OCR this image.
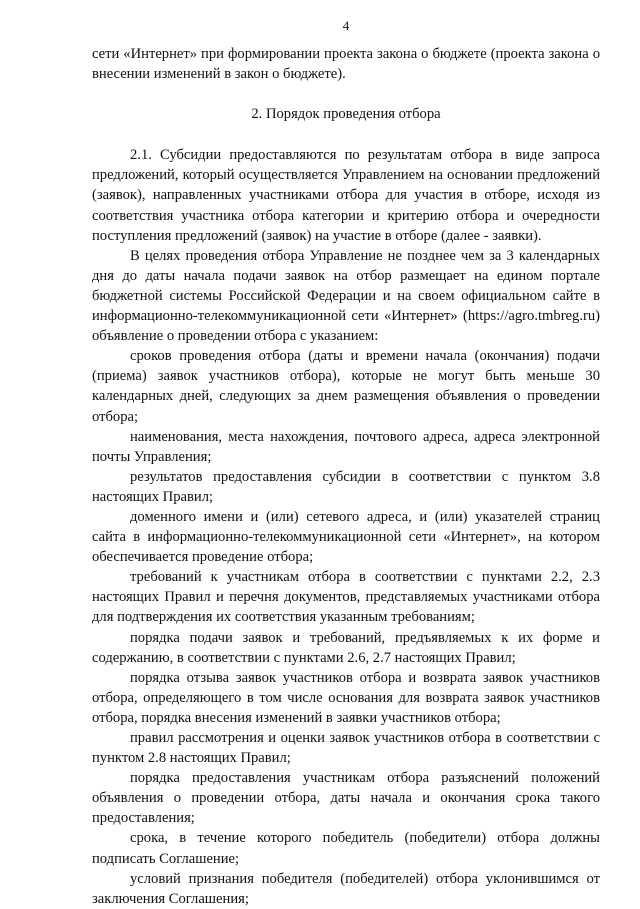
4

сети «Интернет» при формировании проекта закона о бюджете (проекта закона о внесении изменений в закон о бюджете).

2. Порядок проведения отбора

2.1. Субсидии предоставляются по результатам отбора в виде запроса предложений, который осуществляется Управлением на основании предложений (заявок), направленных участниками отбора для участия в отборе, исходя из соответствия участника отбора категории и критерию отбора и очередности поступления предложений (заявок) на участие в отборе (далее - заявки).

В целях проведения отбора Управление не позднее чем за 3 календарных дня до даты начала подачи заявок на отбор размещает на едином портале бюджетной системы Российской Федерации и на своем официальном сайте в информационно-телекоммуникационной сети «Интернет» (https://agro.tmbreg.ru) объявление о проведении отбора с указанием:

сроков проведения отбора (даты и времени начала (окончания) подачи (приема) заявок участников отбора), которые не могут быть меньше 30 календарных дней, следующих за днем размещения объявления о проведении отбора;

наименования, места нахождения, почтового адреса, адреса электронной почты Управления;

результатов предоставления субсидии в соответствии с пунктом 3.8 настоящих Правил;

доменного имени и (или) сетевого адреса, и (или) указателей страниц сайта в информационно-телекоммуникационной сети «Интернет», на котором обеспечивается проведение отбора;

требований к участникам отбора в соответствии с пунктами 2.2, 2.3 настоящих Правил и перечня документов, представляемых участниками отбора для подтверждения их соответствия указанным требованиям;

порядка подачи заявок и требований, предъявляемых к их форме и содержанию, в соответствии с пунктами 2.6, 2.7 настоящих Правил;

порядка отзыва заявок участников отбора и возврата заявок участников отбора, определяющего в том числе основания для возврата заявок участников отбора, порядка внесения изменений в заявки участников отбора;

правил рассмотрения и оценки заявок участников отбора в соответствии с пунктом 2.8 настоящих Правил;

порядка предоставления участникам отбора разъяснений положений объявления о проведении отбора, даты начала и окончания срока такого предоставления;

срока, в течение которого победитель (победители) отбора должны подписать Соглашение;

условий признания победителя (победителей) отбора уклонившимся от заключения Соглашения;
